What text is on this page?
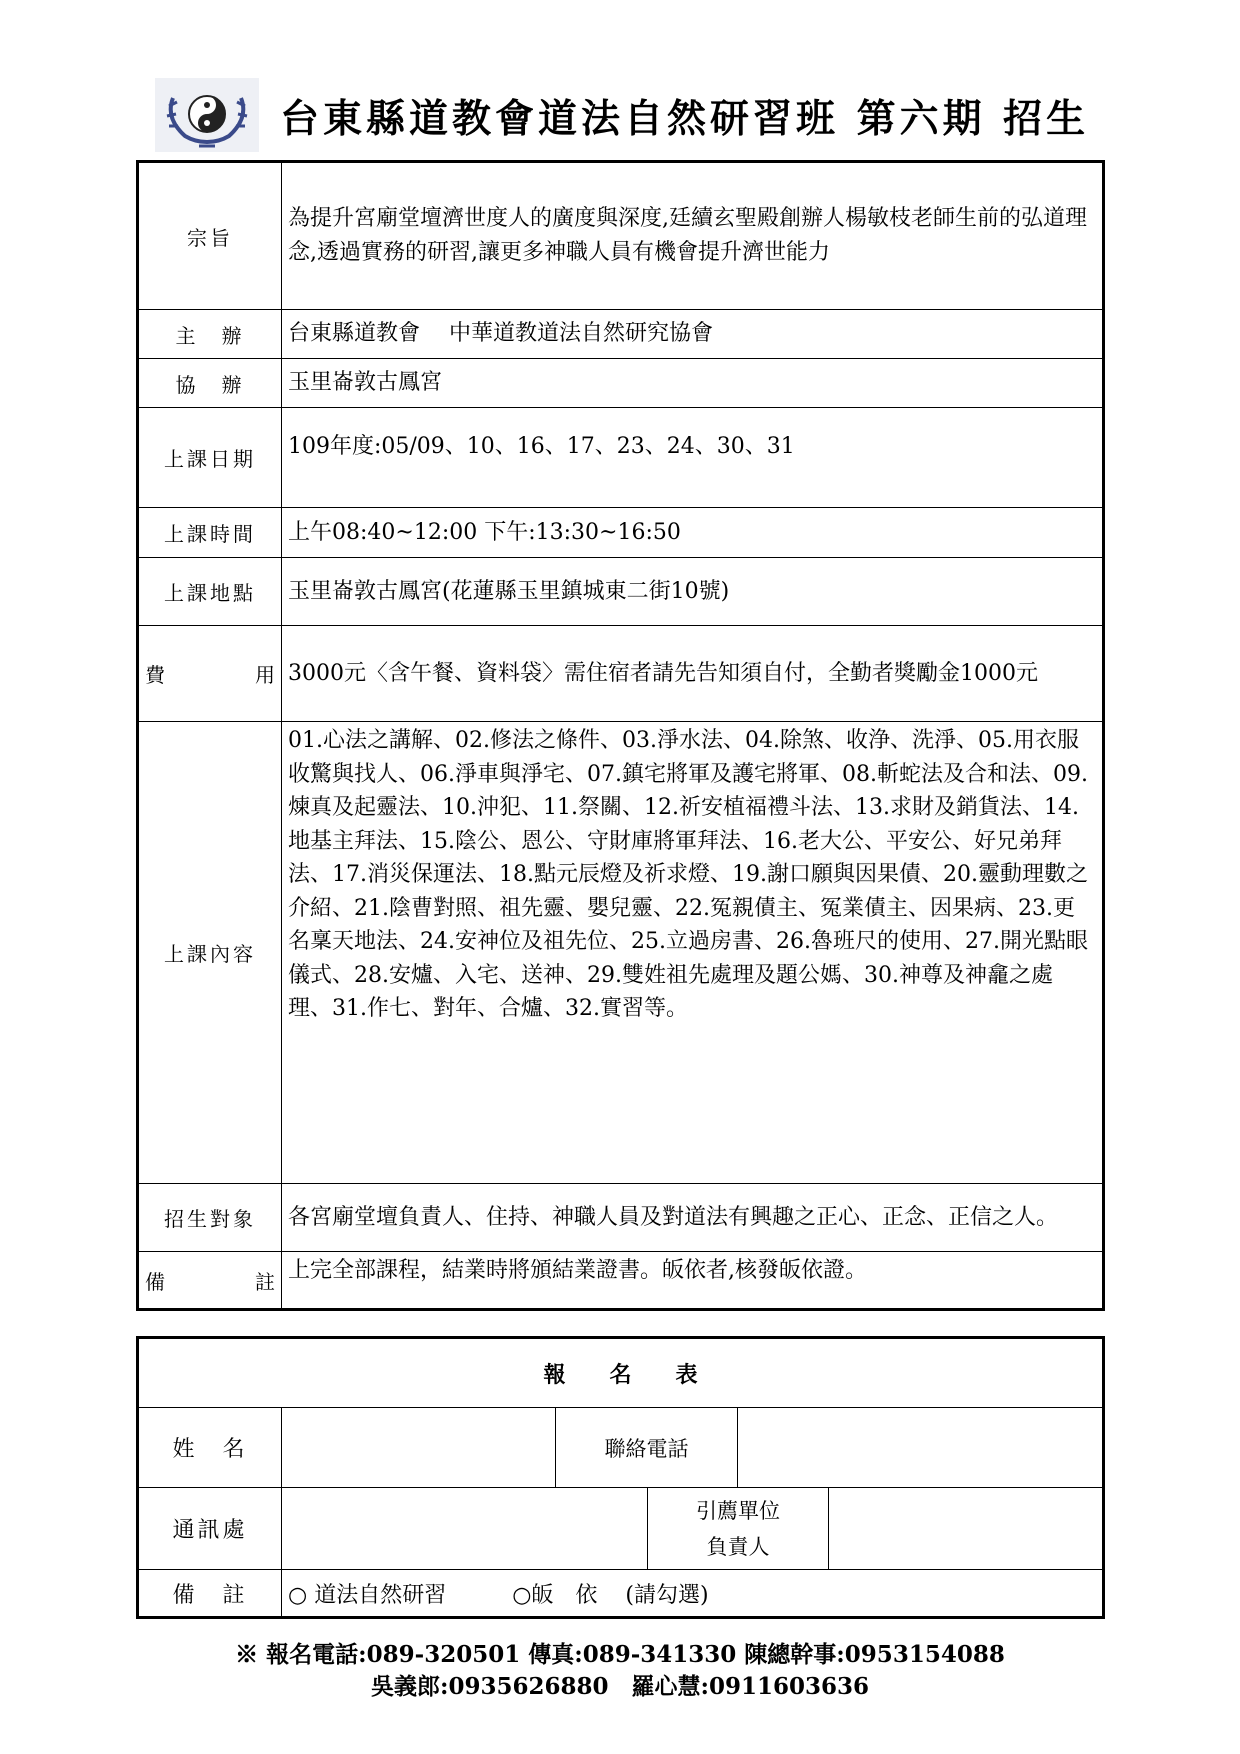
台東縣道教會道法自然研習班 第六期 招生
宗旨	為提升宮廟堂壇濟世度人的廣度與深度,廷續玄聖殿創辦人楊敏枝老師生前的弘道理念,透過實務的研習,讓更多神職人員有機會提升濟世能力
主　辦	台東縣道教會　 中華道教道法自然研究協會
協　辦	玉里崙敦古鳳宮
上課日期	109年度:05/09、10、16、17、23、24、30、31
上課時間	上午08:40~12:00 下午:13:30~16:50
上課地點	玉里崙敦古鳳宮(花蓮縣玉里鎮城東二街10號)

費 用	3000元〈含午餐、資料袋〉需住宿者請先告知須自付，全勤者獎勵金1000元
上課內容	01.心法之講解、02.修法之條件、03.淨水法、04.除煞、收浄、洗淨、05.用衣服收驚與找人、06.淨車與淨宅、07.鎮宅將軍及護宅將軍、08.斬蛇法及合和法、09.煉真及起靈法、10.沖犯、11.祭關、12.祈安植福禮斗法、13.求財及銷貨法、14.地基主拜法、15.陰公、恩公、守財庫將軍拜法、16.老大公、平安公、好兄弟拜法、17.消災保運法、18.點元辰燈及祈求燈、19.謝口願與因果債、20.靈動理數之介紹、21.陰曹對照、祖先靈、嬰兒靈、22.冤親債主、冤業債主、因果病、23.更名稟天地法、24.安神位及祖先位、25.立過房書、26.魯班尺的使用、27.開光點眼儀式、28.安爐、入宅、送神、29.雙姓祖先處理及題公媽、30.神尊及神龕之處理、31.作七、對年、合爐、32.實習等。
招生對象	各宮廟堂壇負責人、住持、神職人員及對道法有興趣之正心、正念、正信之人。

備 註	上完全部課程，結業時將頒結業證書。皈依者,核發皈依證。
報　　名　　表					
姓　名		聯絡電話			
通訊處			引薦單位
負責人		

備　註	○ 道法自然研習 ○皈　依 (請勾選)				
※ 報名電話:089-320501 傳真:089-341330 陳總幹事:0953154088
吳義郎:0935626880　羅心慧:0911603636
